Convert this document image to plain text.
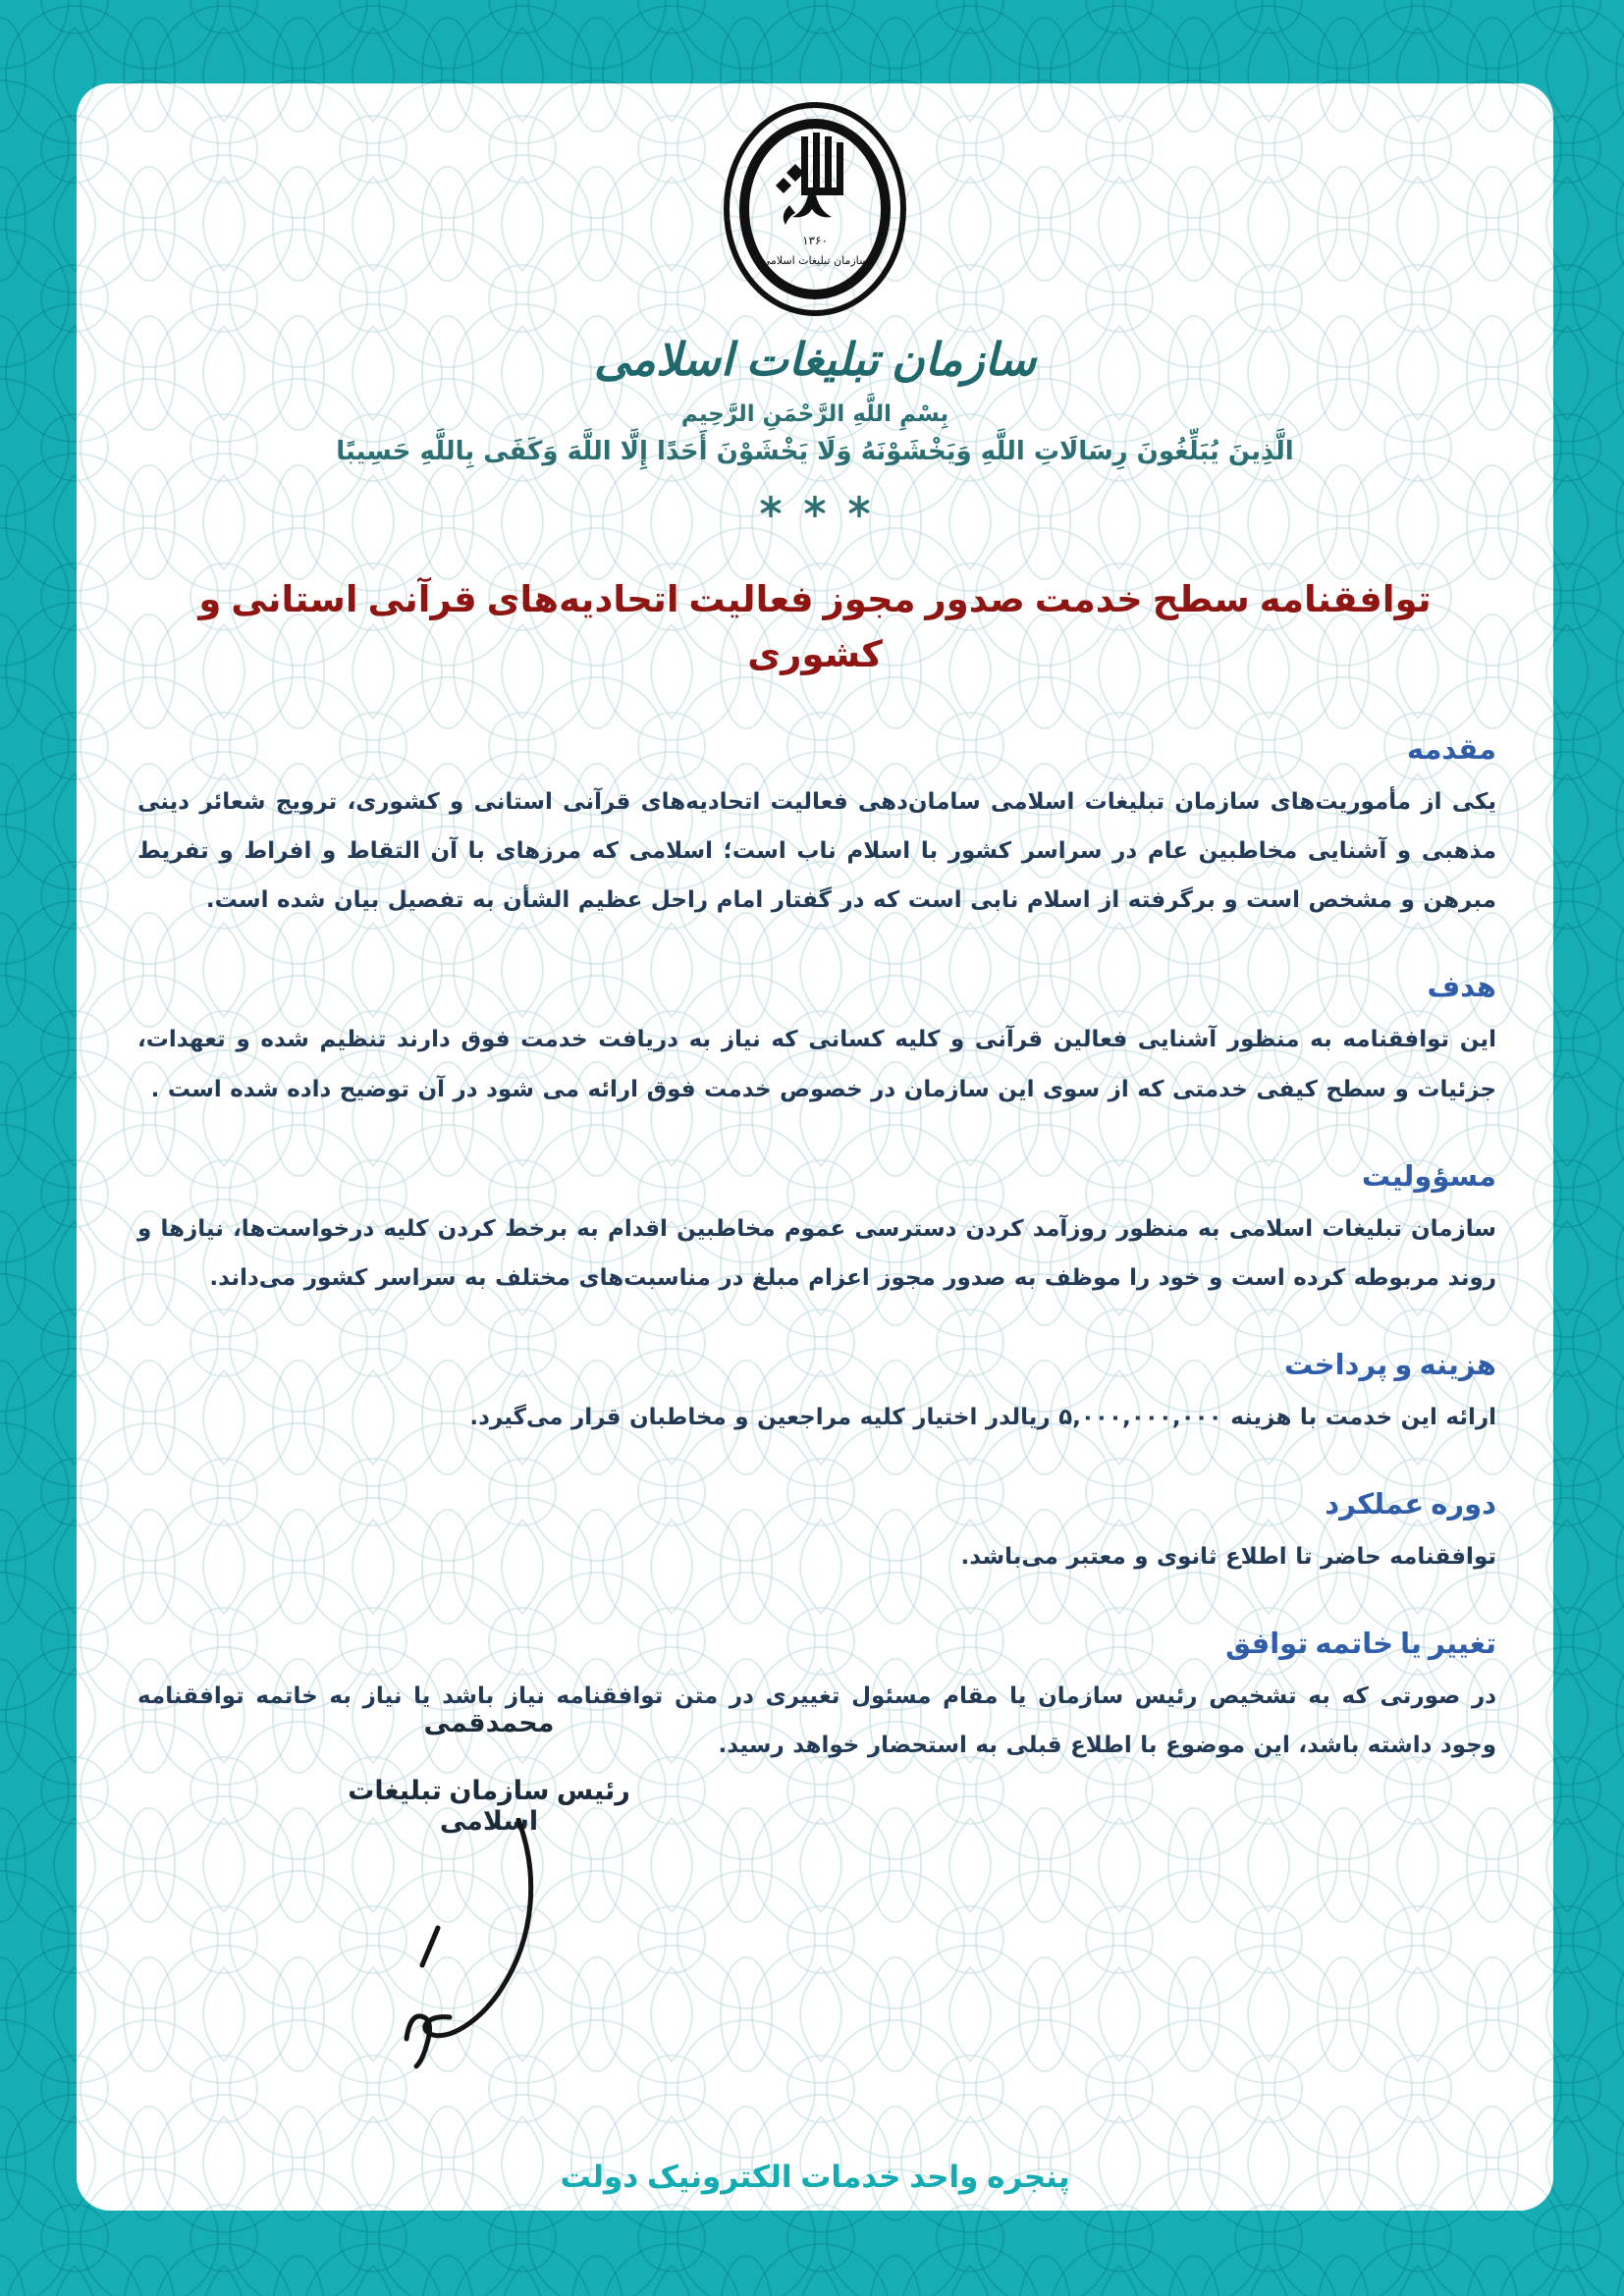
۱۳۶۰
سازمان تبلیغات اسلامی
سازمان تبلیغات اسلامی
بِسْمِ اللَّهِ الرَّحْمَنِ الرَّحِيم
الَّذِينَ يُبَلِّغُونَ رِسَالَاتِ اللَّهِ وَيَخْشَوْنَهُ وَلَا يَخْشَوْنَ أَحَدًا إِلَّا اللَّهَ وَكَفَى بِاللَّهِ حَسِيبًا

توافقنامه سطح خدمت صدور مجوز فعالیت اتحادیه‌های قرآنی استانی و کشوری
مقدمه

یکی از مأموریت‌های سازمان تبلیغات اسلامی سامان‌دهی فعالیت اتحادیه‌های قرآنی استانی و کشوری، ترویج شعائر دینی مذهبی و آشنایی مخاطبین عام در سراسر کشور با اسلام ناب است؛ اسلامی که مرزهای با آن التقاط و افراط و تفریط مبرهن و مشخص است و برگرفته از اسلام نابی است که در گفتار امام راحل عظیم الشأن به تفصیل بیان شده است.

هدف

این توافقنامه به منظور آشنایی فعالین قرآنی و کلیه کسانی که نیاز به دریافت خدمت فوق دارند تنظیم شده و تعهدات، جزئیات و سطح کیفی خدمتی که از سوی این سازمان در خصوص خدمت فوق ارائه می شود در آن توضیح داده شده است .

مسؤولیت

سازمان تبلیغات اسلامی به منظور روزآمد کردن دسترسی عموم مخاطبین اقدام به برخط کردن کلیه درخواست‌ها، نیازها و روند مربوطه کرده است و خود را موظف به صدور مجوز اعزام مبلغ در مناسبت‌های مختلف به سراسر کشور می‌داند.

هزینه و پرداخت

ارائه این خدمت با هزینه ۵,۰۰۰,۰۰۰,۰۰۰ ریالدر اختیار کلیه مراجعین و مخاطبان قرار می‌گیرد.

دوره عملکرد

توافقنامه حاضر تا اطلاع ثانوی و معتبر می‌باشد.

تغییر یا خاتمه توافق

در صورتی که به تشخیص رئیس سازمان یا مقام مسئول تغییری در متن توافقنامه نیاز باشد یا نیاز به خاتمه توافقنامه وجود داشته باشد، این موضوع با اطلاع قبلی به استحضار خواهد رسید.

محمدقمی
رئیس سازمان تبلیغات اسلامی
پنجره واحد خدمات الکترونیک دولت
